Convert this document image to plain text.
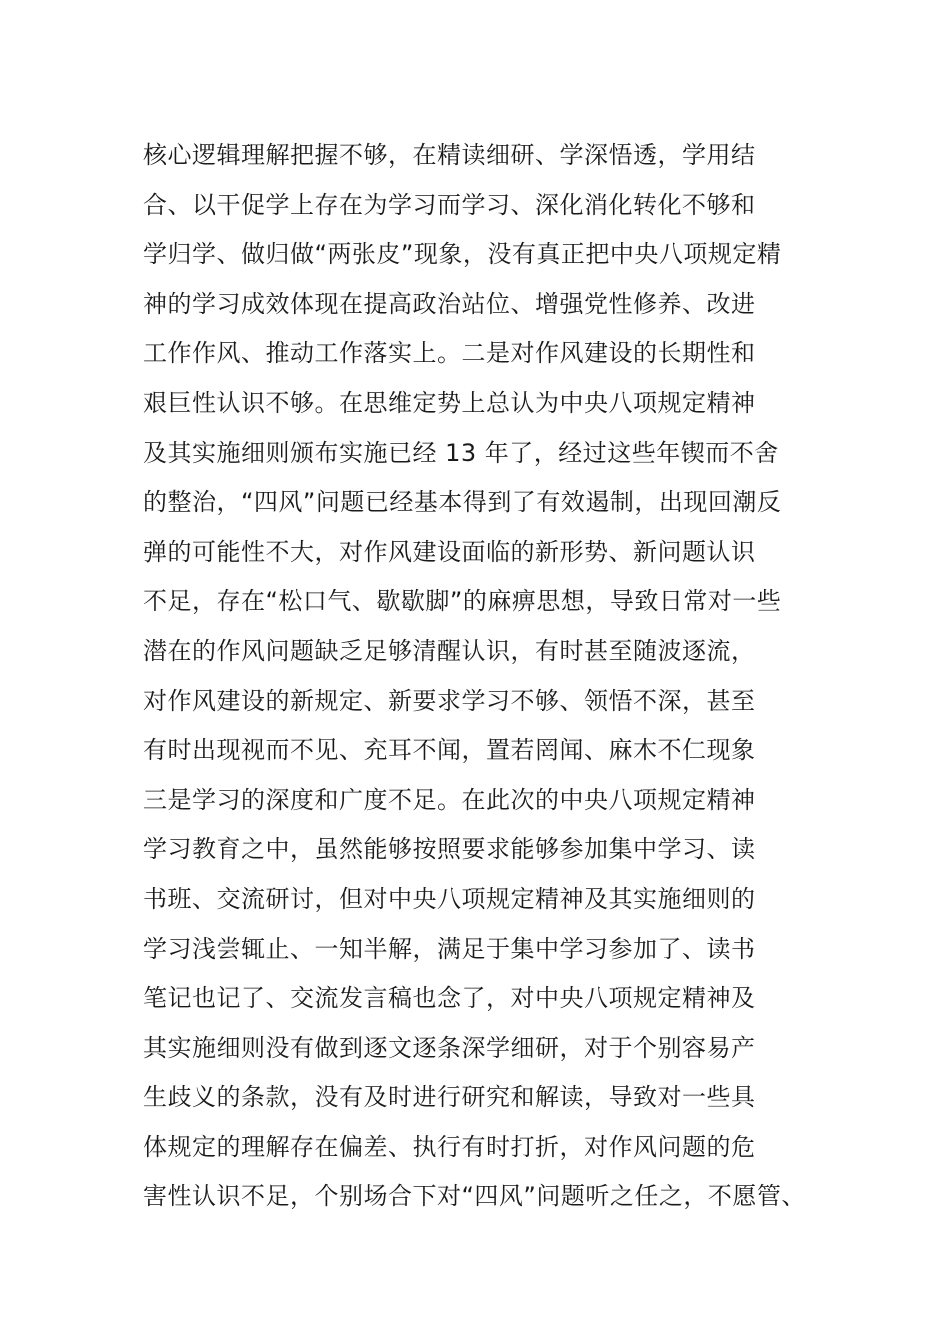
核心逻辑理解把握不够，在精读细研、学深悟透，学用结
合、以干促学上存在为学习而学习、深化消化转化不够和
学归学、做归做“两张皮”现象，没有真正把中央八项规定精
神的学习成效体现在提高政治站位、增强党性修养、改进
工作作风、推动工作落实上。二是对作风建设的长期性和
艰巨性认识不够。在思维定势上总认为中央八项规定精神
及其实施细则颁布实施已经 13 年了，经过这些年锲而不舍
的整治，“四风”问题已经基本得到了有效遏制，出现回潮反
弹的可能性不大，对作风建设面临的新形势、新问题认识
不足，存在“松口气、歇歇脚”的麻痹思想，导致日常对一些
潜在的作风问题缺乏足够清醒认识，有时甚至随波逐流，
对作风建设的新规定、新要求学习不够、领悟不深，甚至
有时出现视而不见、充耳不闻，置若罔闻、麻木不仁现象
三是学习的深度和广度不足。在此次的中央八项规定精神
学习教育之中，虽然能够按照要求能够参加集中学习、读
书班、交流研讨，但对中央八项规定精神及其实施细则的
学习浅尝辄止、一知半解，满足于集中学习参加了、读书
笔记也记了、交流发言稿也念了，对中央八项规定精神及
其实施细则没有做到逐文逐条深学细研，对于个别容易产
生歧义的条款，没有及时进行研究和解读，导致对一些具
体规定的理解存在偏差、执行有时打折，对作风问题的危
害性认识不足，个别场合下对“四风”问题听之任之，不愿管、
